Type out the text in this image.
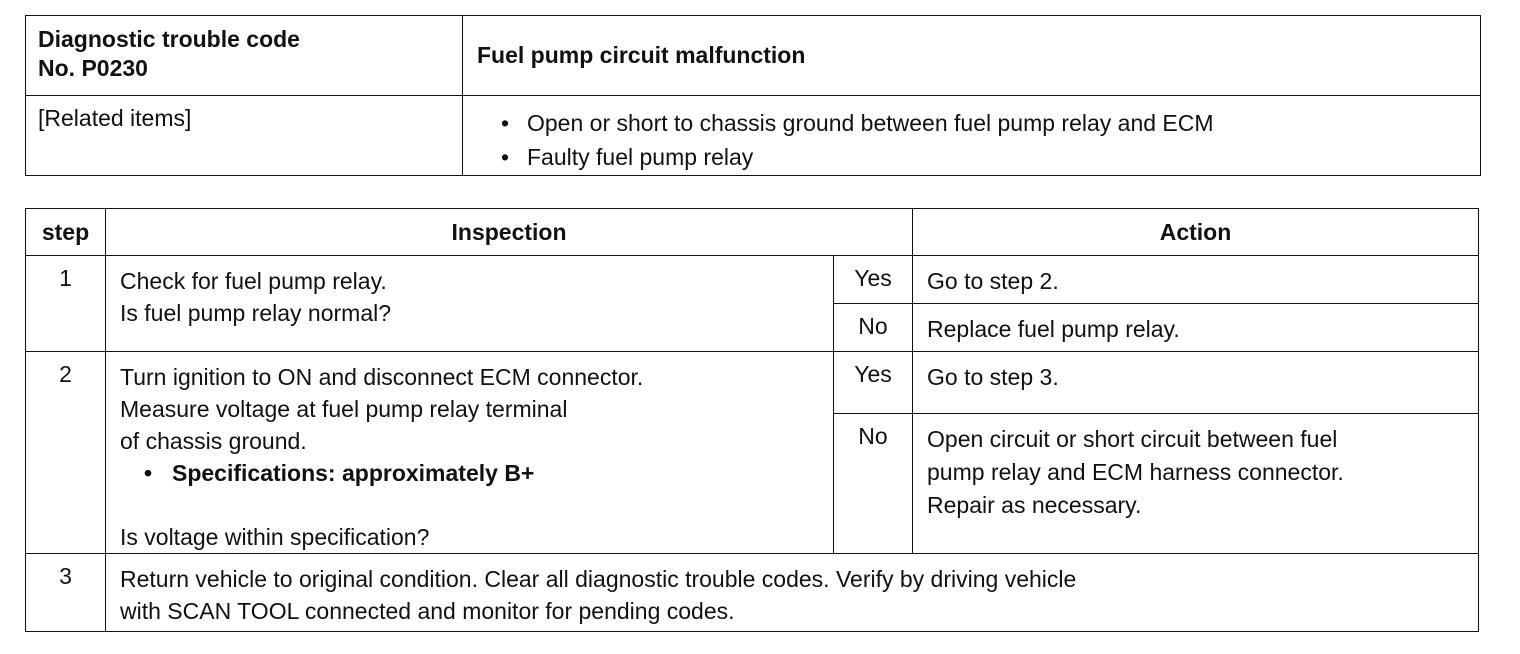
Diagnostic trouble code
No. P0230	Fuel pump circuit malfunction
[Related items]	• Open or short to chassis ground between fuel pump relay and ECM
• Faulty fuel pump relay
step	Inspection		Action
1	Check for fuel pump relay.
Is fuel pump relay normal?	Yes	Go to step 2.
		No	Replace fuel pump relay.
2	Turn ignition to ON and disconnect ECM connector.
Measure voltage at fuel pump relay terminal
of chassis ground.
• Specifications: approximately B+
Is voltage within specification?	Yes	Go to step 3.
		No	Open circuit or short circuit between fuel
pump relay and ECM harness connector.
Repair as necessary.

3	Return vehicle to original condition. Clear all diagnostic trouble codes. Verify by driving vehicle
with SCAN TOOL connected and monitor for pending codes.		
